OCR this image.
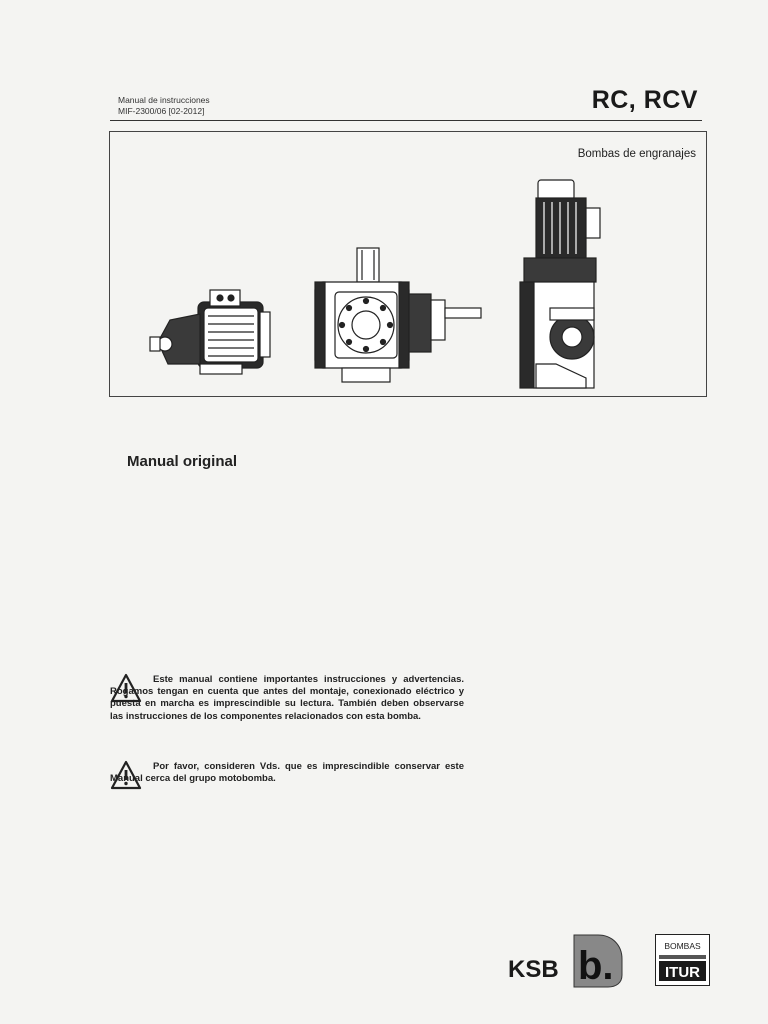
Manual de instrucciones
MIF-2300/06 [02-2012]	RC, RCV
Bombas de engranajes
Manual original

Este manual contiene importantes instrucciones y advertencias. Rogamos tengan en cuenta que antes del montaje, conexionado eléctrico y puesta en marcha es imprescindible su lectura. También deben observarse las instrucciones de los componentes relacionados con esta bomba.

Por favor, consideren Vds. que es imprescindible conservar este Manual cerca del grupo motobomba.

KSB b.	BOMBAS
ITUR
